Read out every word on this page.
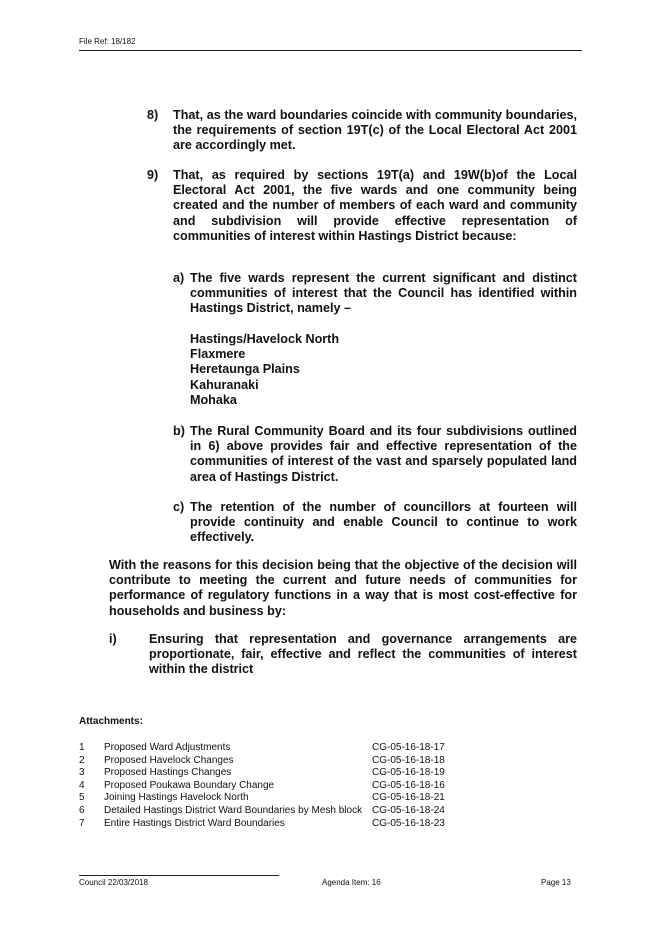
File Ref: 18/182
8)	That, as the ward boundaries coincide with community boundaries, the requirements of section 19T(c) of the Local Electoral Act 2001 are accordingly met.
9)	That, as required by sections 19T(a) and 19W(b)of the Local Electoral Act 2001, the five wards and one community being created and the number of members of each ward and community and subdivision will provide effective representation of communities of interest within Hastings District because:
a) The five wards represent the current significant and distinct communities of interest that the Council has identified within Hastings District, namely –
Hastings/Havelock North
Flaxmere
Heretaunga Plains
Kahuranaki
Mohaka
b) The Rural Community Board and its four subdivisions outlined in 6) above provides fair and effective representation of the communities of interest of the vast and sparsely populated land area of Hastings District.
c) The retention of the number of councillors at fourteen will provide continuity and enable Council to continue to work effectively.
With the reasons for this decision being that the objective of the decision will contribute to meeting the current and future needs of communities for performance of regulatory functions in a way that is most cost-effective for households and business by:
i)	Ensuring that representation and governance arrangements are proportionate, fair, effective and reflect the communities of interest within the district
Attachments:
1	Proposed Ward Adjustments	CG-05-16-18-17
2	Proposed Havelock Changes	CG-05-16-18-18
3	Proposed Hastings Changes	CG-05-16-18-19
4	Proposed Poukawa Boundary Change	CG-05-16-18-16
5	Joining Hastings Havelock North	CG-05-16-18-21
6	Detailed Hastings District Ward Boundaries by Mesh block CG-05-16-18-24
7	Entire Hastings District Ward Boundaries	CG-05-16-18-23
Council 22/03/2018	Agenda Item: 16	Page 13
